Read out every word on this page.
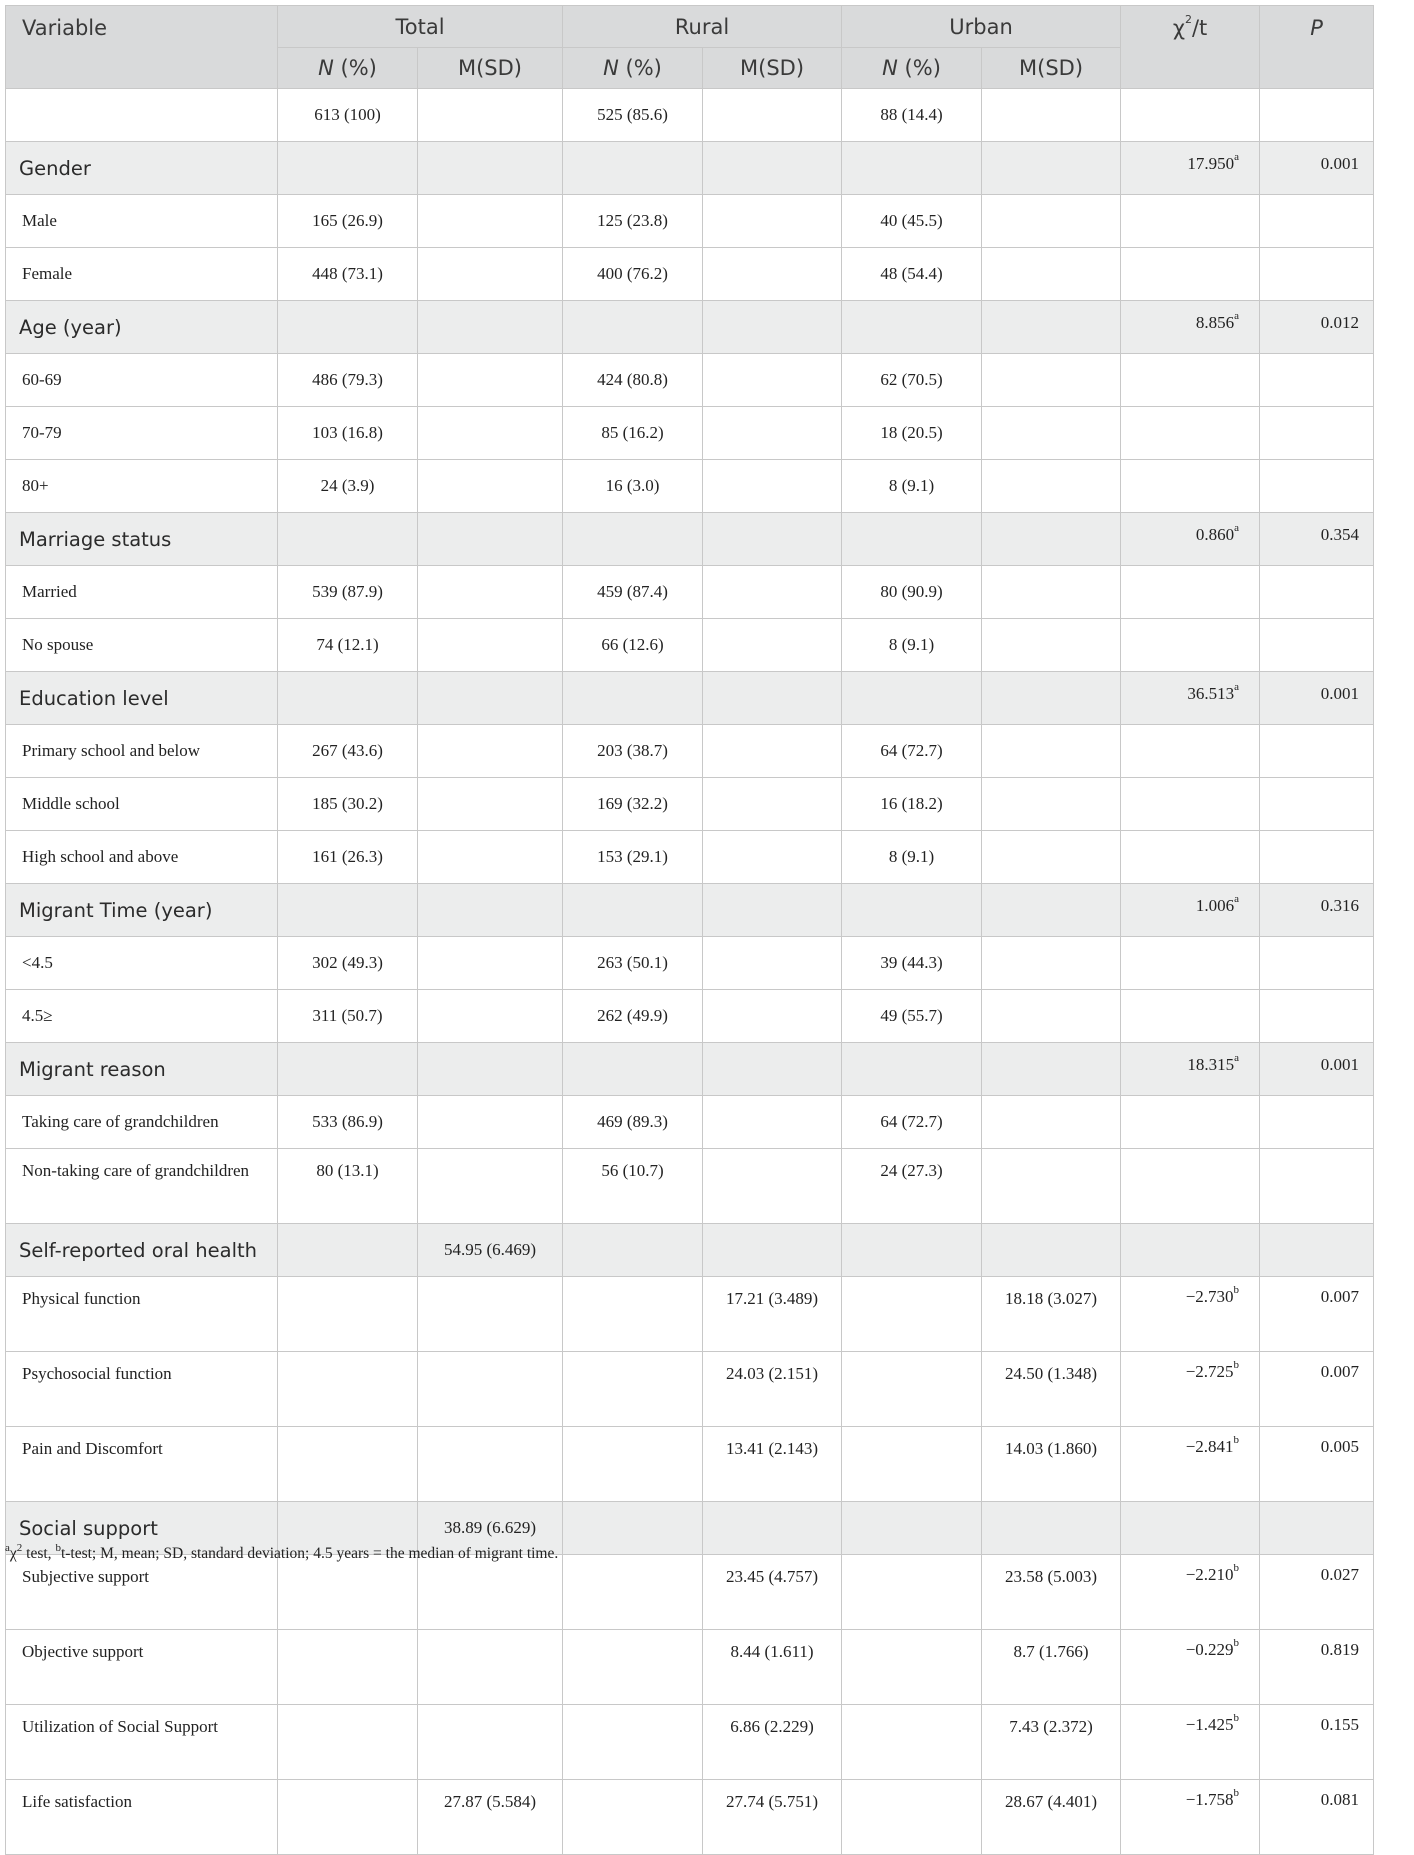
Variable	Total		Rural		Urban		$\chi^2/t$	P
	N (%)	M(SD)	N (%)	M(SD)	N (%)	M(SD)		
	613 (100)		525 (85.6)		88 (14.4)			
Gender							17.950$^a$	0.001
Male	165 (26.9)		125 (23.8)		40 (45.5)			
Female	448 (73.1)		400 (76.2)		48 (54.4)			
Age (year)							8.856$^a$	0.012
60-69	486 (79.3)		424 (80.8)		62 (70.5)			
70-79	103 (16.8)		85 (16.2)		18 (20.5)			
80+	24 (3.9)		16 (3.0)		8 (9.1)			
Marriage status							0.860$^a$	0.354
Married	539 (87.9)		459 (87.4)		80 (90.9)			
No spouse	74 (12.1)		66 (12.6)		8 (9.1)			
Education level							36.513$^a$	0.001
Primary school and below	267 (43.6)		203 (38.7)		64 (72.7)			
Middle school	185 (30.2)		169 (32.2)		16 (18.2)			
High school and above	161 (26.3)		153 (29.1)		8 (9.1)			
Migrant Time (year)							1.006$^a$	0.316
<4.5	302 (49.3)		263 (50.1)		39 (44.3)			
4.5≥	311 (50.7)		262 (49.9)		49 (55.7)			
Migrant reason							18.315$^a$	0.001
Taking care of grandchildren	533 (86.9)		469 (89.3)		64 (72.7)			
Non-taking care of grandchildren	80 (13.1)		56 (10.7)		24 (27.3)			
Self-reported oral health		54.95 (6.469)						
Physical function				17.21 (3.489)		18.18 (3.027)	−2.730$^b$	0.007
Psychosocial function				24.03 (2.151)		24.50 (1.348)	−2.725$^b$	0.007
Pain and Discomfort				13.41 (2.143)		14.03 (1.860)	−2.841$^b$	0.005
Social support		38.89 (6.629)						
Subjective support				23.45 (4.757)		23.58 (5.003)	−2.210$^b$	0.027
Objective support				8.44 (1.611)		8.7 (1.766)	−0.229$^b$	0.819
Utilization of Social Support				6.86 (2.229)		7.43 (2.372)	−1.425$^b$	0.155
Life satisfaction		27.87 (5.584)		27.74 (5.751)		28.67 (4.401)	−1.758$^b$	0.081
$^a\chi^2$ test, $^b$t-test; M, mean; SD, standard deviation; 4.5 years = the median of migrant time.
